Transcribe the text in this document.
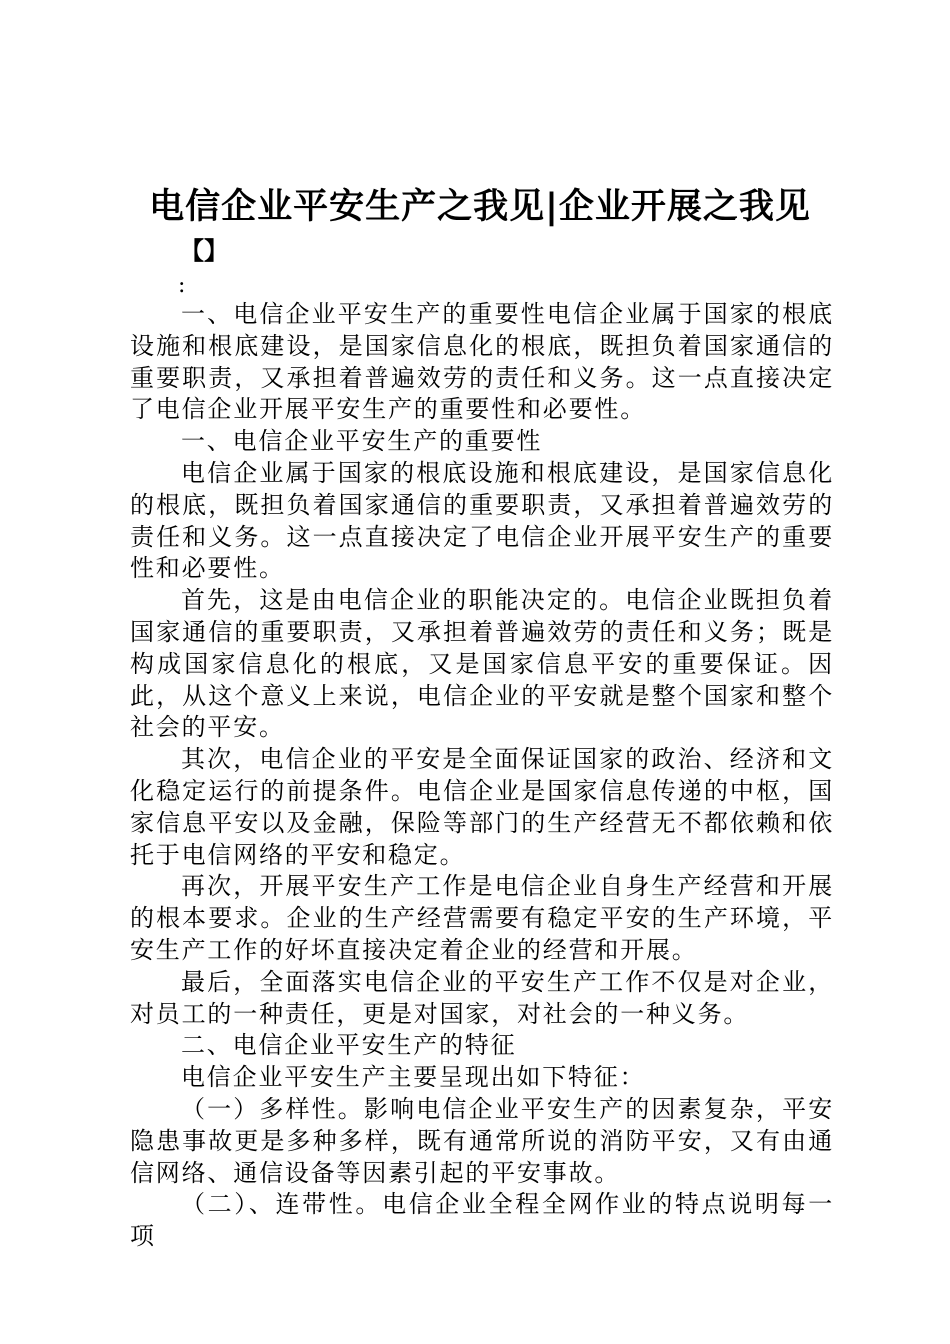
电信企业平安生产之我见|企业开展之我见
【】
:

一、电信企业平安生产的重要性电信企业属于国家的根底设施和根底建设，是国家信息化的根底，既担负着国家通信的重要职责，又承担着普遍效劳的责任和义务。这一点直接决定了电信企业开展平安生产的重要性和必要性。

一、电信企业平安生产的重要性

电信企业属于国家的根底设施和根底建设，是国家信息化的根底，既担负着国家通信的重要职责，又承担着普遍效劳的责任和义务。这一点直接决定了电信企业开展平安生产的重要性和必要性。

首先，这是由电信企业的职能决定的。电信企业既担负着国家通信的重要职责，又承担着普遍效劳的责任和义务；既是构成国家信息化的根底，又是国家信息平安的重要保证。因此，从这个意义上来说，电信企业的平安就是整个国家和整个社会的平安。

其次，电信企业的平安是全面保证国家的政治、经济和文化稳定运行的前提条件。电信企业是国家信息传递的中枢，国家信息平安以及金融，保险等部门的生产经营无不都依赖和依托于电信网络的平安和稳定。

再次，开展平安生产工作是电信企业自身生产经营和开展的根本要求。企业的生产经营需要有稳定平安的生产环境，平安生产工作的好坏直接决定着企业的经营和开展。

最后，全面落实电信企业的平安生产工作不仅是对企业，对员工的一种责任，更是对国家，对社会的一种义务。

二、电信企业平安生产的特征

电信企业平安生产主要呈现出如下特征：

（一）多样性。影响电信企业平安生产的因素复杂，平安隐患事故更是多种多样，既有通常所说的消防平安，又有由通信网络、通信设备等因素引起的平安事故。

（二）、连带性。电信企业全程全网作业的特点说明每一项
